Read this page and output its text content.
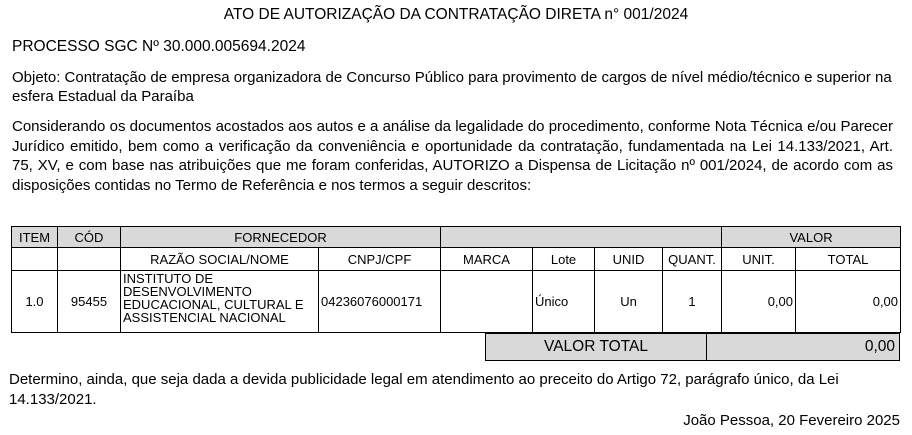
ATO DE AUTORIZAÇÃO DA CONTRATAÇÃO DIRETA n° 001/2024
PROCESSO SGC Nº 30.000.005694.2024
Objeto: Contratação de empresa organizadora de Concurso Público para provimento de cargos de nível médio/técnico e superior na esfera Estadual da Paraíba
Considerando os documentos acostados aos autos e a análise da legalidade do procedimento, conforme Nota Técnica e/ou Parecer Jurídico emitido, bem como a verificação da conveniência e oportunidade da contratação, fundamentada na Lei 14.133/2021, Art. 75, XV, e com base nas atribuições que me foram conferidas, AUTORIZO a Dispensa de Licitação nº 001/2024, de acordo com as disposições contidas no Termo de Referência e nos termos a seguir descritos:
ITEM	CÓD	FORNECEDOR						VALOR	
		RAZÃO SOCIAL/NOME	CNPJ/CPF	MARCA	Lote	UNID	QUANT.	UNIT.	TOTAL
1.0	95455	INSTITUTO DE DESENVOLVIMENTO EDUCACIONAL, CULTURAL E ASSISTENCIAL NACIONAL	04236076000171		Único	Un	1	0,00	0,00
VALOR TOTAL	0,00
Determino, ainda, que seja dada a devida publicidade legal em atendimento ao preceito do Artigo 72, parágrafo único, da Lei 14.133/2021.
João Pessoa, 20 Fevereiro 2025
